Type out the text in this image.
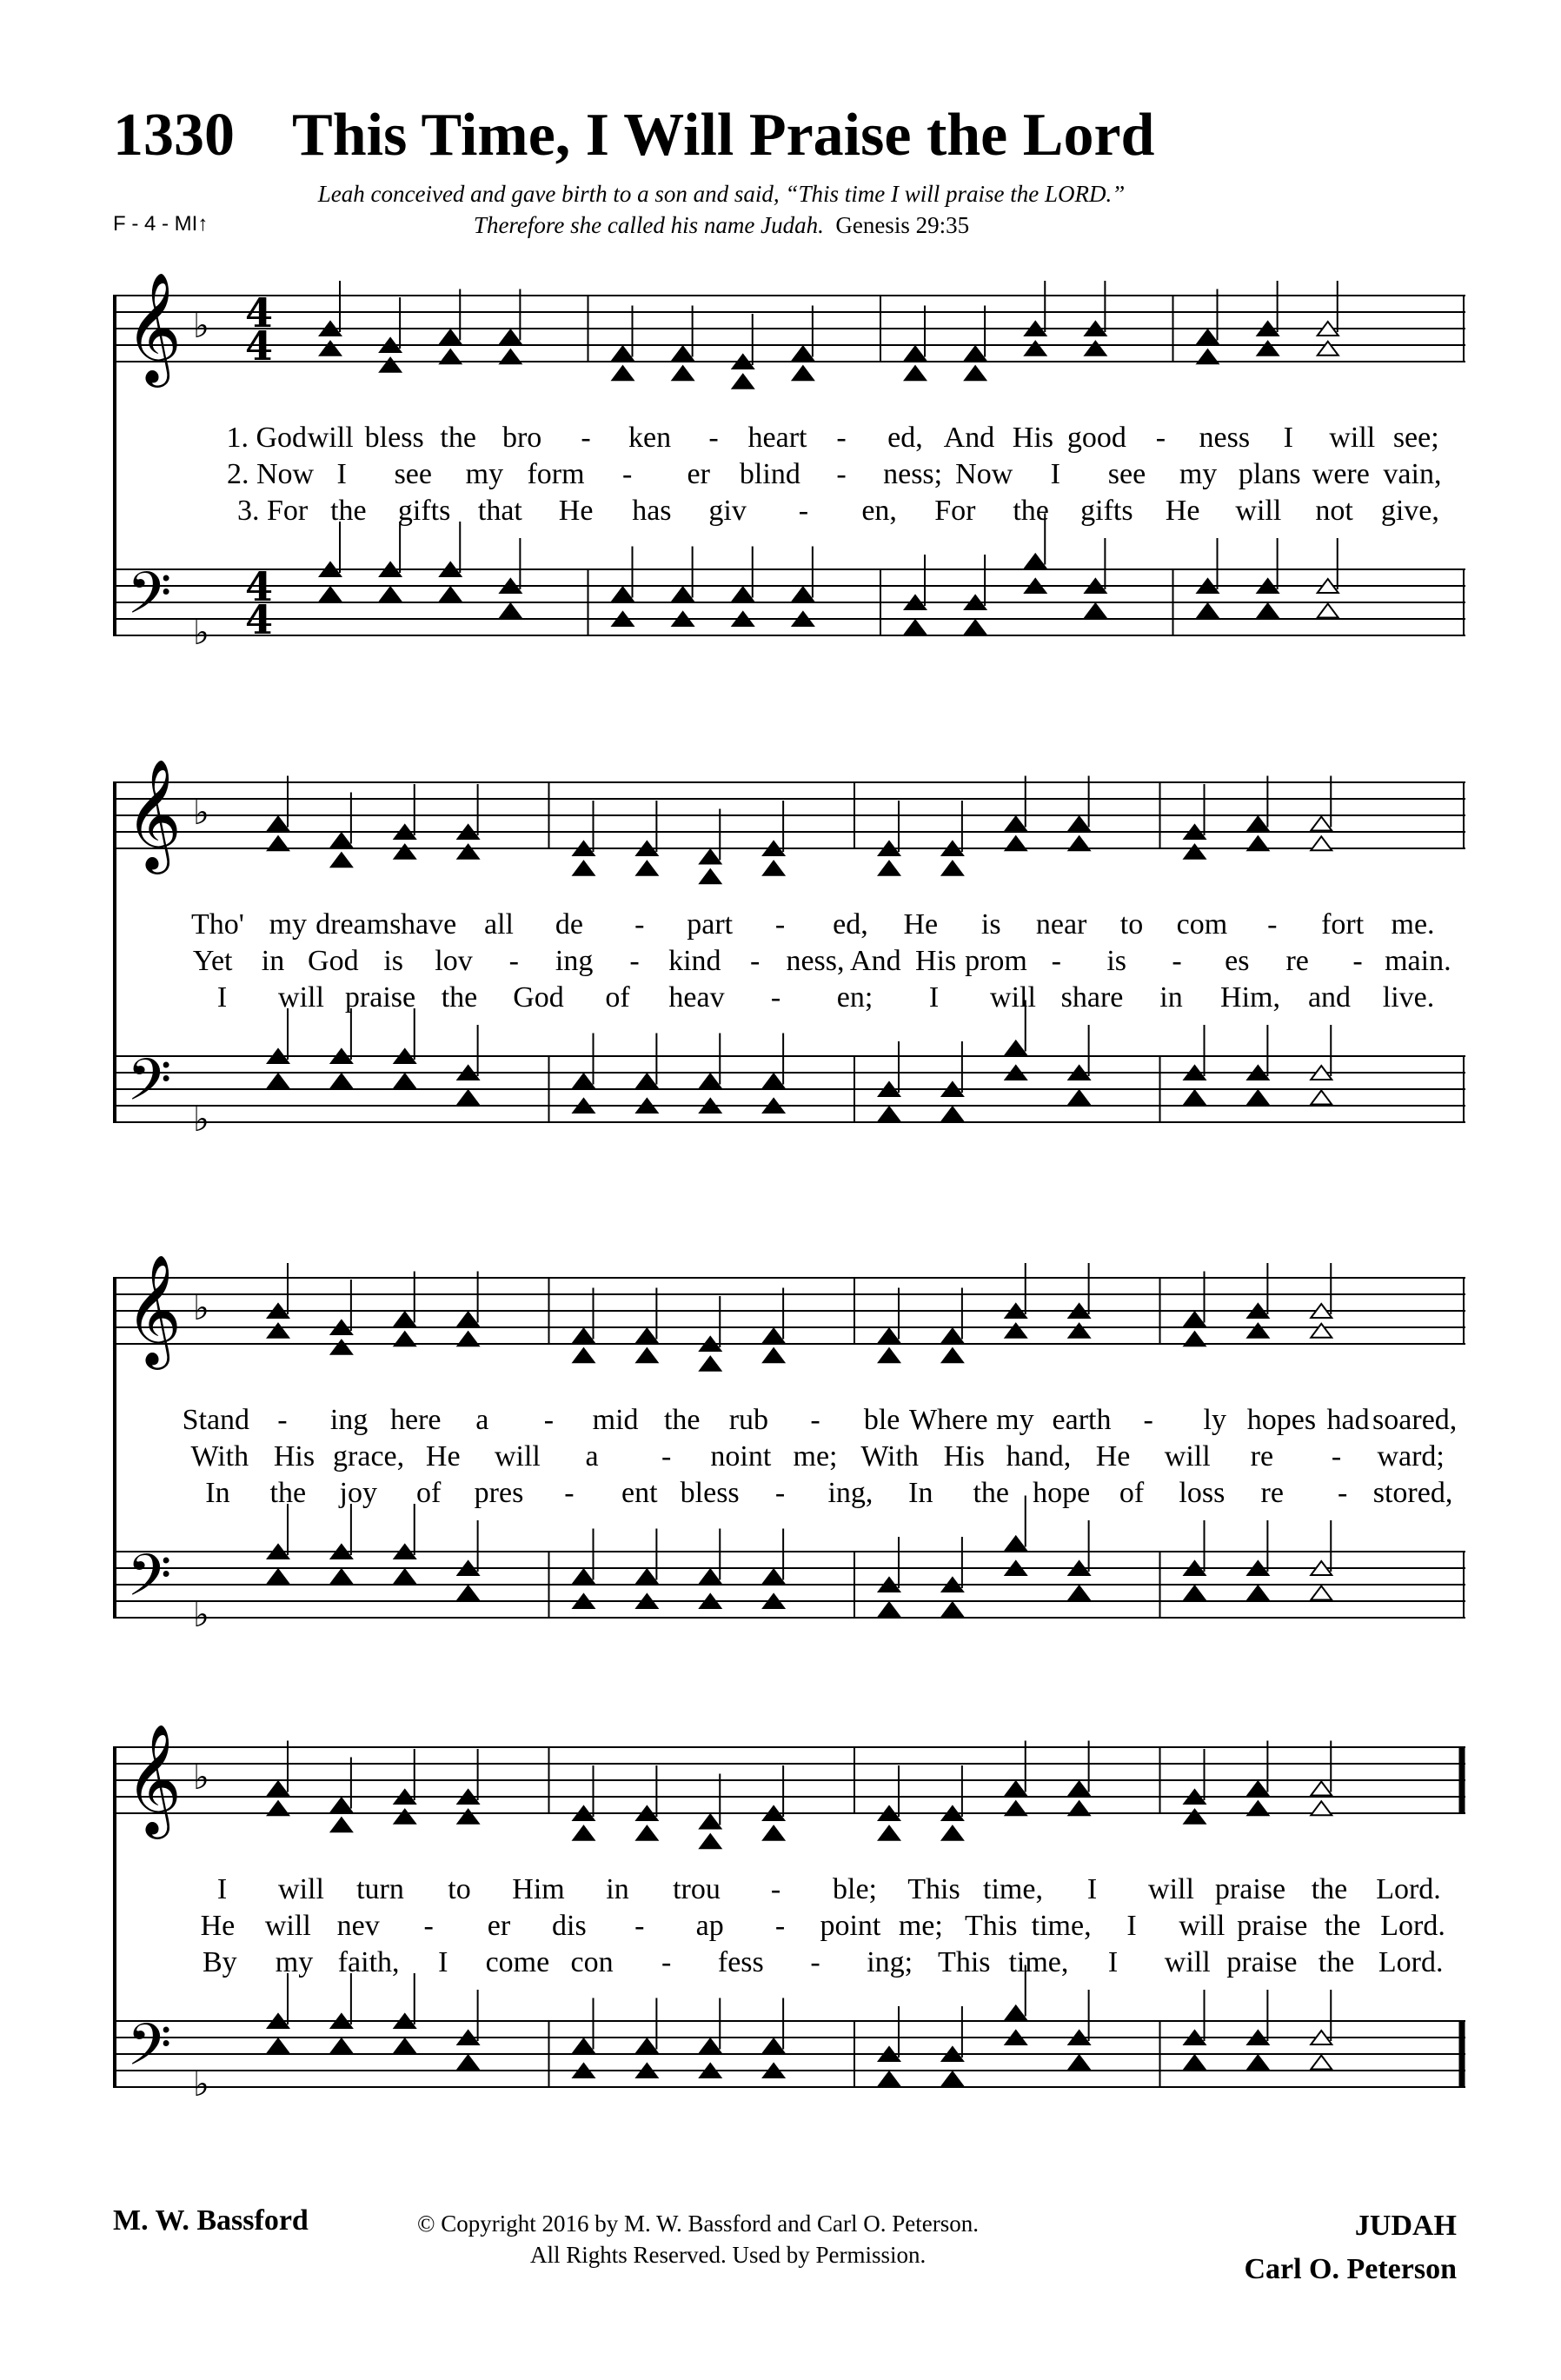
1330 This Time, I Will Praise the Lord
F - 4 - MI↑
Leah conceived and gave birth to a son and said, “This time I will praise the LORD.”
Therefore she called his name Judah. Genesis 29:35
𝄞
𝄢
♭
♭
4
4
4
4
1. God will bless the bro - ken - heart - ed, And His good - ness I will see;
2. Now I see my form - er blind - ness; Now I see my plans were vain,
3. For the gifts that He has giv - en, For the gifts He will not give,
𝄞
𝄢
♭
♭
Tho' my dreams have all de - part - ed, He is near to com - fort me.
Yet in God is lov - ing - kind - ness, And His prom - is - es re - main.
I will praise the God of heav - en; I will share in Him, and live.
𝄞
𝄢
♭
♭
Stand - ing here a - mid the rub - ble Where my earth - ly hopes had soared,
With His grace, He will a - noint me; With His hand, He will re - ward;
In the joy of pres - ent bless - ing, In the hope of loss re - stored,
𝄞
𝄢
♭
♭
I will turn to Him in trou - ble; This time, I will praise the Lord.
He will nev - er dis - ap - point me; This time, I will praise the Lord.
By my faith, I come con - fess - ing; This time, I will praise the Lord.
M. W. Bassford	© Copyright 2016 by M. W. Bassford and Carl O. Peterson.
All Rights Reserved. Used by Permission.
JUDAH
Carl O. Peterson
